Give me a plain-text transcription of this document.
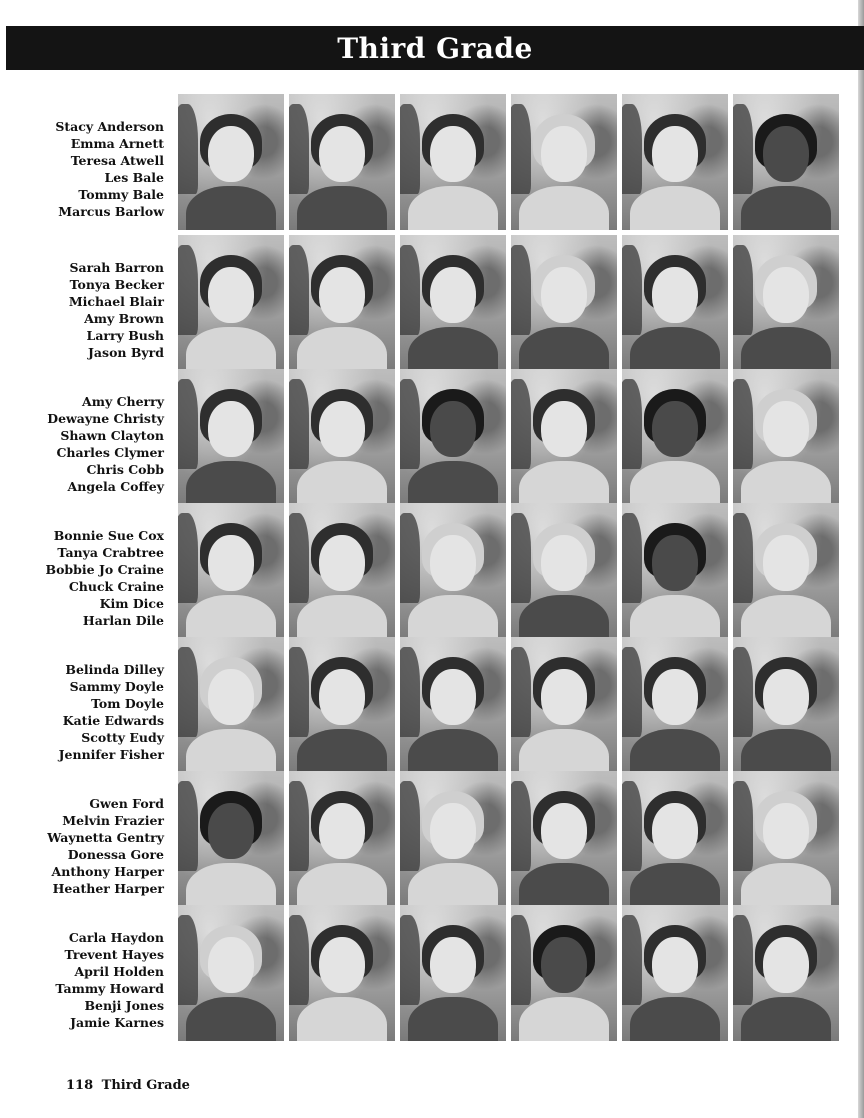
Third Grade
Stacy Anderson
Emma Arnett
Teresa Atwell
Les Bale
Tommy Bale
Marcus Barlow
Sarah Barron
Tonya Becker
Michael Blair
Amy Brown
Larry Bush
Jason Byrd
Amy Cherry
Dewayne Christy
Shawn Clayton
Charles Clymer
Chris Cobb
Angela Coffey
Bonnie Sue Cox
Tanya Crabtree
Bobbie Jo Craine
Chuck Craine
Kim Dice
Harlan Dile
Belinda Dilley
Sammy Doyle
Tom Doyle
Katie Edwards
Scotty Eudy
Jennifer Fisher
Gwen Ford
Melvin Frazier
Waynetta Gentry
Donessa Gore
Anthony Harper
Heather Harper
Carla Haydon
Trevent Hayes
April Holden
Tammy Howard
Benji Jones
Jamie Karnes
118 Third Grade
